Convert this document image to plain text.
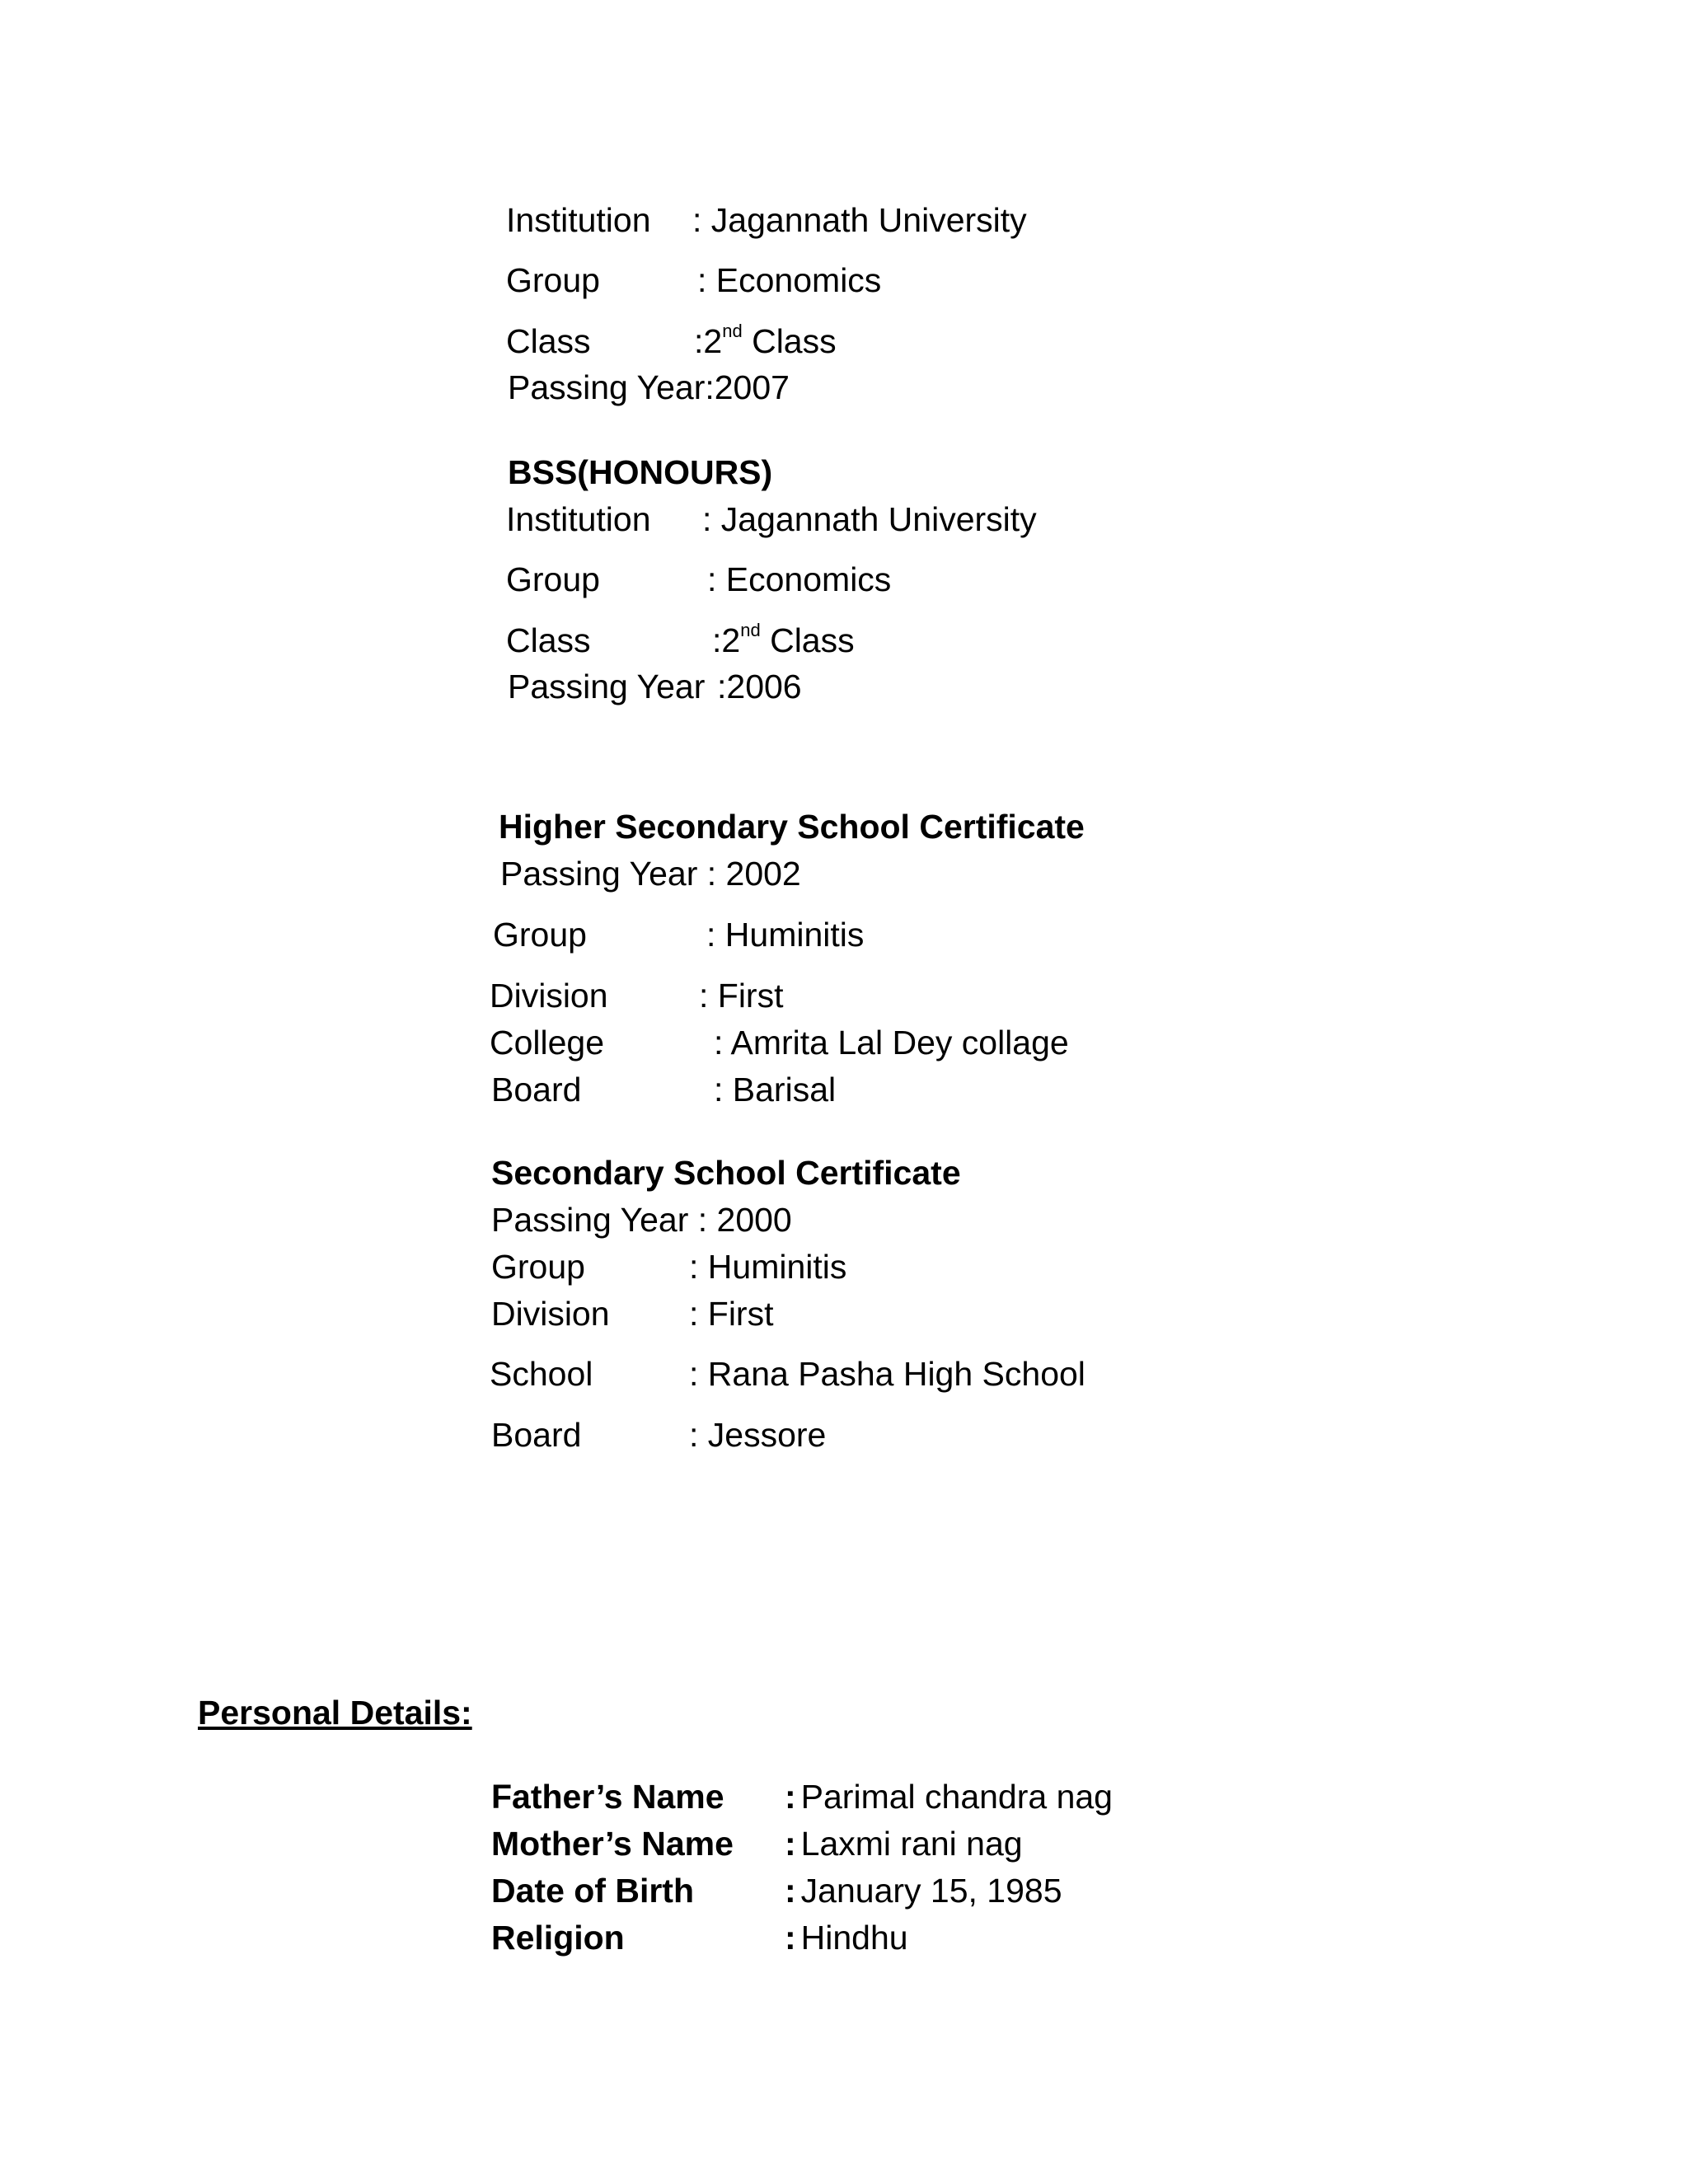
Institution	: Jagannath University
Group	: Economics
Class	:2nd Class
Passing Year:2007
BSS(HONOURS)
Institution	: Jagannath University
Group	: Economics
Class	:2nd Class
Passing Year :2006
Higher Secondary School Certificate
Passing Year : 2002
Group	: Huminitis
Division	: First
College	: Amrita Lal Dey collage
Board	: Barisal
Secondary School Certificate
Passing Year : 2000
Group	: Huminitis
Division	: First
School	: Rana Pasha High School
Board	: Jessore
Personal Details:
Father’s Name	: Parimal chandra nag
Mother’s Name	: Laxmi rani nag
Date of Birth	: January 15, 1985
Religion	: Hindhu
